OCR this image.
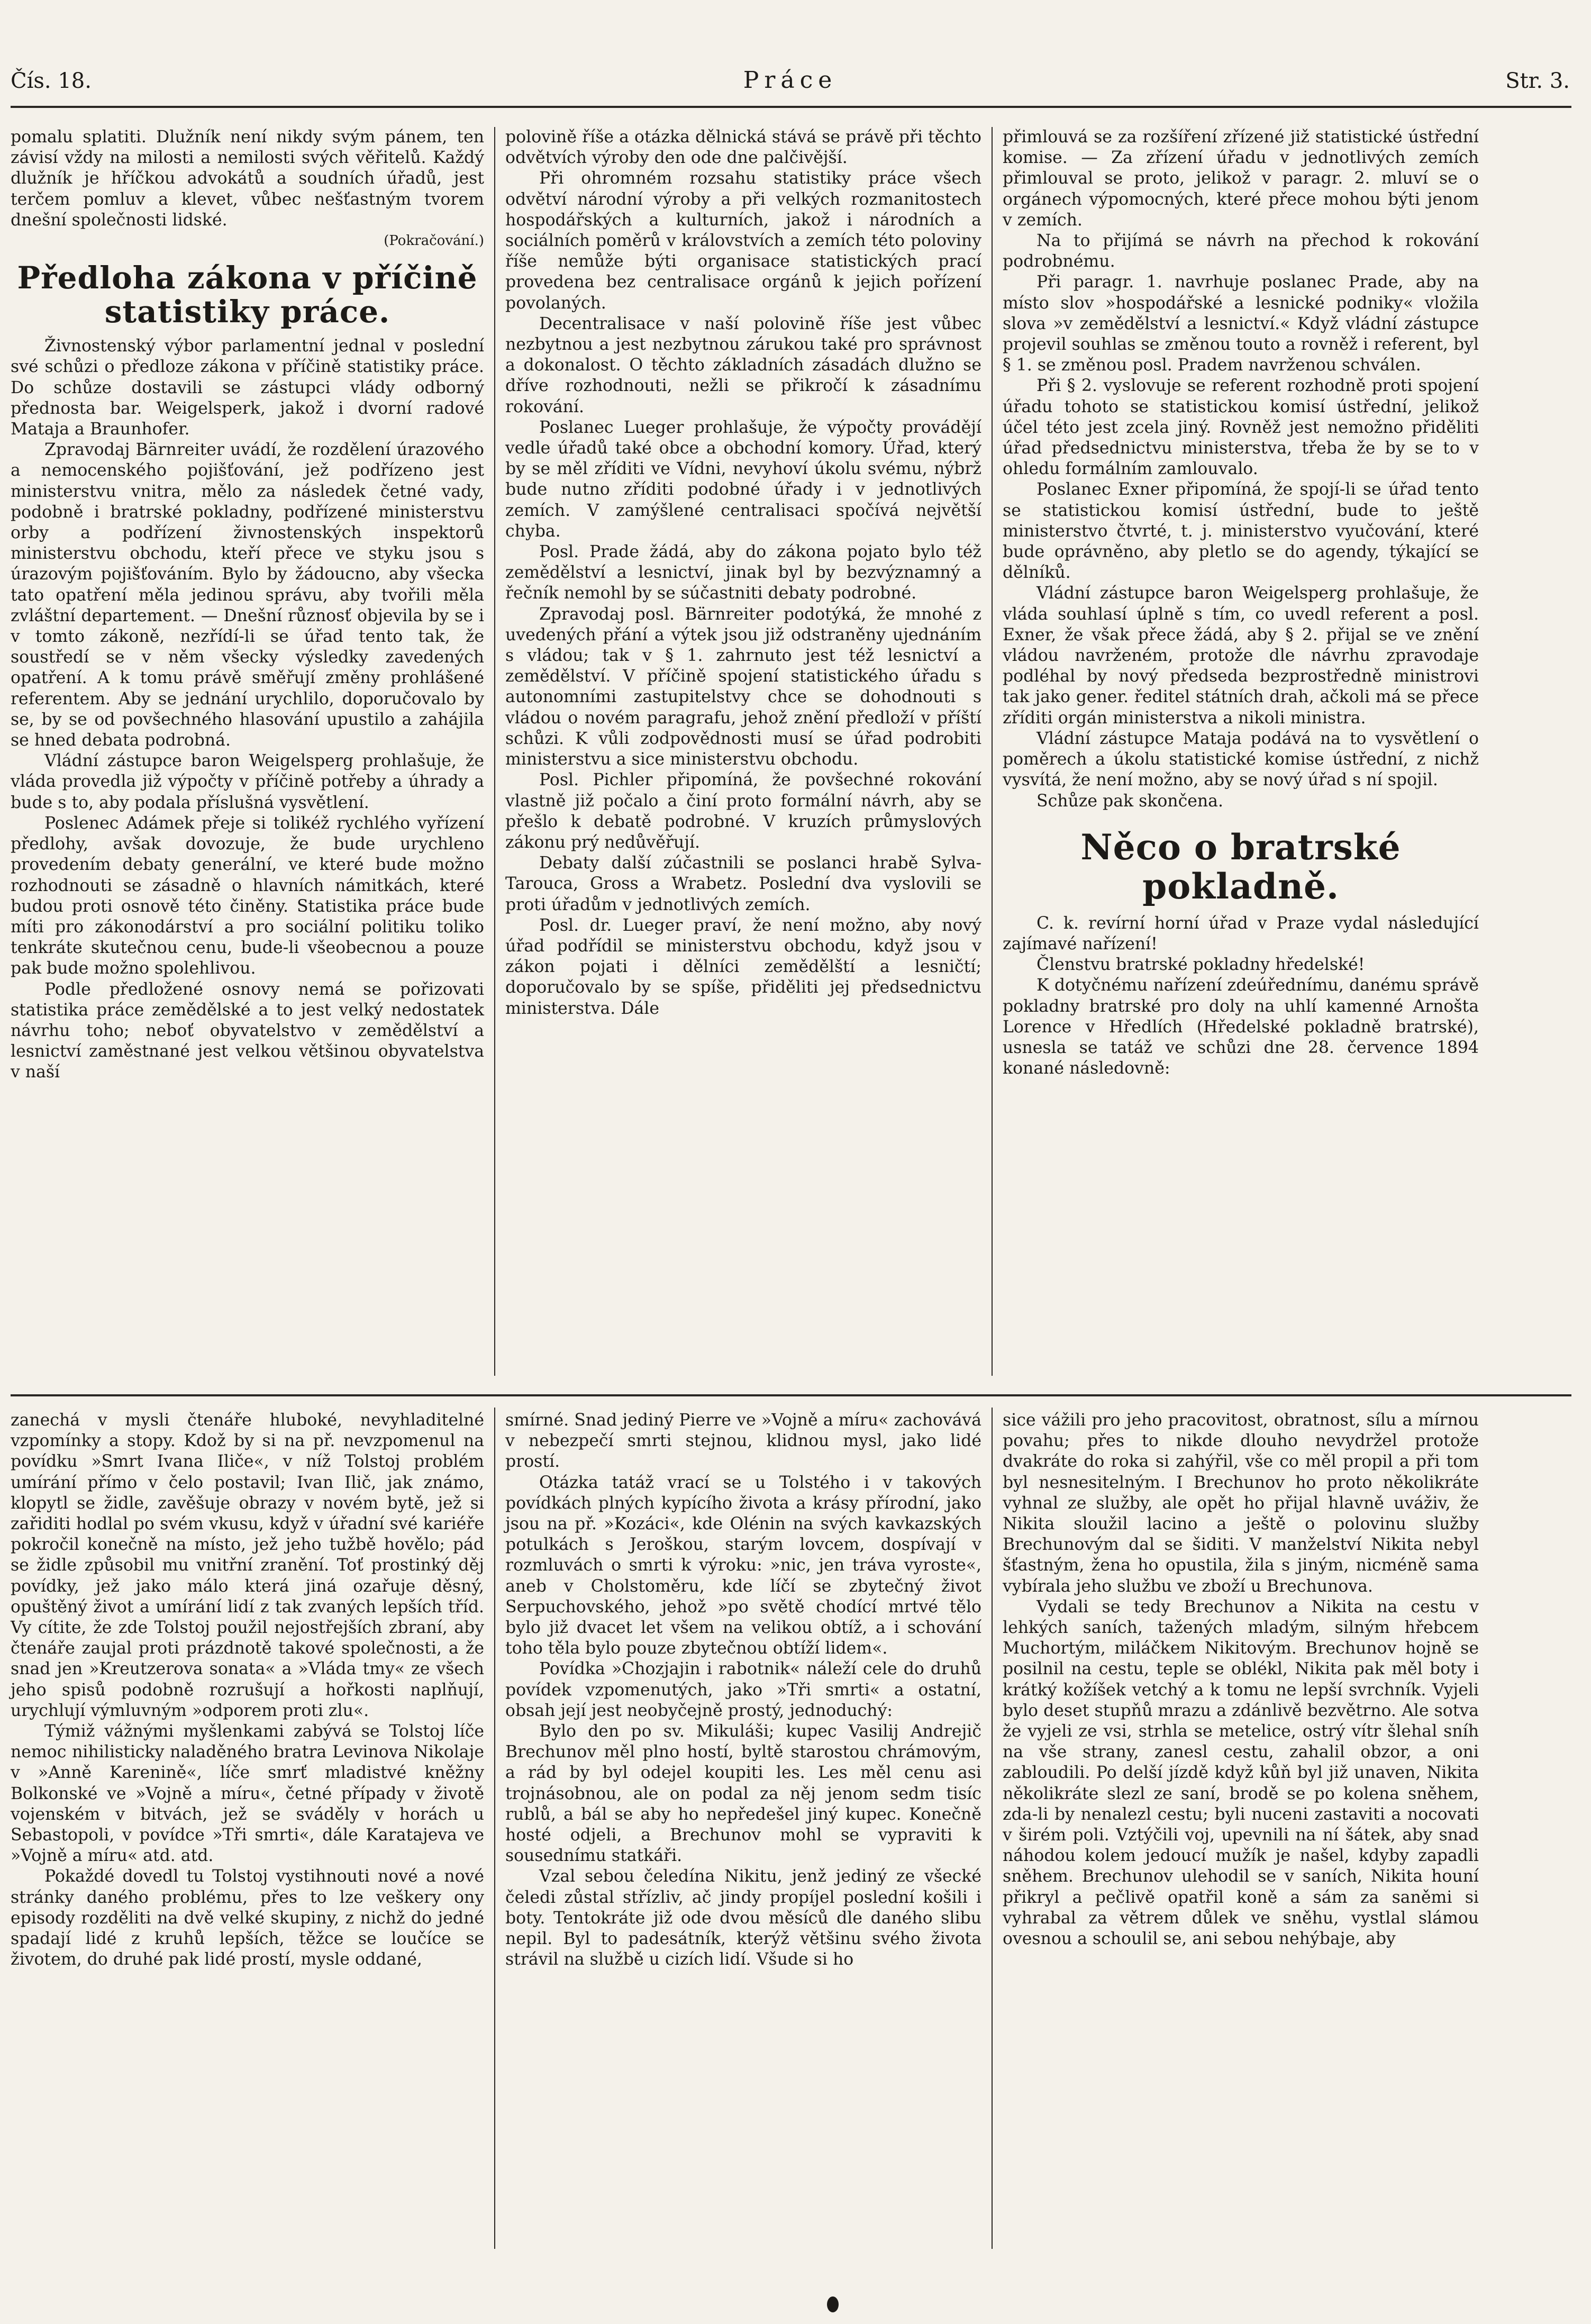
Čís. 18.	Práce	Str. 3.

pomalu splatiti. Dlužník není nikdy svým pánem, ten závisí vždy na milosti a nemilosti svých věřitelů. Každý dlužník je hříčkou advokátů a soudních úřadů, jest terčem pomluv a klevet, vůbec nešťastným tvorem dnešní společnosti lidské.

(Pokračování.)

Předloha zákona v příčině statistiky práce.

Živnostenský výbor parlamentní jednal v poslední své schůzi o předloze zákona v příčině statistiky práce. Do schůze dostavili se zástupci vlády odborný přednosta bar. Weigelsperk, jakož i dvorní radové Mataja a Braunhofer.

Zpravodaj Bärnreiter uvádí, že rozdělení úrazového a nemocenského pojišťování, jež podřízeno jest ministerstvu vnitra, mělo za následek četné vady, podobně i bratrské pokladny, podřízené ministerstvu orby a podřízení živnostenských inspektorů ministerstvu obchodu, kteří přece ve styku jsou s úrazovým pojišťováním. Bylo by žádoucno, aby všecka tato opatření měla jedinou správu, aby tvořili měla zvláštní departement. — Dnešní různosť objevila by se i v tomto zákoně, nezřídí-li se úřad tento tak, že soustředí se v něm všecky výsledky zavedených opatření. A k tomu právě směřují změny prohlášené referentem. Aby se jednání urychlilo, doporučovalo by se, by se od povšechného hlasování upustilo a zahájila se hned debata podrobná.

Vládní zástupce baron Weigelsperg prohlašuje, že vláda provedla již výpočty v příčině potřeby a úhrady a bude s to, aby podala příslušná vysvětlení.

Poslenec Adámek přeje si tolikéž rychlého vyřízení předlohy, avšak dovozuje, že bude urychleno provedením debaty generální, ve které bude možno rozhodnouti se zásadně o hlavních námitkách, které budou proti osnově této činěny. Statistika práce bude míti pro zákonodárství a pro sociální politiku toliko tenkráte skutečnou cenu, bude-li všeobecnou a pouze pak bude možno spolehlivou.

Podle předložené osnovy nemá se pořizovati statistika práce zemědělské a to jest velký nedostatek návrhu toho; neboť obyvatelstvo v zemědělství a lesnictví zaměstnané jest velkou většinou obyvatelstva v naší

polovině říše a otázka dělnická stává se právě při těchto odvětvích výroby den ode dne palčivější.

Při ohromném rozsahu statistiky práce všech odvětví národní výroby a při velkých rozmanitostech hospodářských a kulturních, jakož i národních a sociálních poměrů v královstvích a zemích této poloviny říše nemůže býti organisace statistických prací provedena bez centralisace orgánů k jejich pořízení povolaných.

Decentralisace v naší polovině říše jest vůbec nezbytnou a jest nezbytnou zárukou také pro správnost a dokonalost. O těchto základních zásadách dlužno se dříve rozhodnouti, nežli se přikročí k zásadnímu rokování.

Poslanec Lueger prohlašuje, že výpočty provádějí vedle úřadů také obce a obchodní komory. Úřad, který by se měl zříditi ve Vídni, nevyhoví úkolu svému, nýbrž bude nutno zříditi podobné úřady i v jednotlivých zemích. V zamýšlené centralisaci spočívá největší chyba.

Posl. Prade žádá, aby do zákona pojato bylo též zemědělství a lesnictví, jinak byl by bezvýznamný a řečník nemohl by se súčastniti debaty podrobné.

Zpravodaj posl. Bärnreiter podotýká, že mnohé z uvedených přání a výtek jsou již odstraněny ujednáním s vládou; tak v § 1. zahrnuto jest též lesnictví a zemědělství. V příčině spojení statistického úřadu s autonomními zastupitelstvy chce se dohodnouti s vládou o novém paragrafu, jehož znění předloží v příští schůzi. K vůli zodpovědnosti musí se úřad podrobiti ministerstvu a sice ministerstvu obchodu.

Posl. Pichler připomíná, že povšechné rokování vlastně již počalo a činí proto formální návrh, aby se přešlo k debatě podrobné. V kruzích průmyslových zákonu prý nedůvěřují.

Debaty další zúčastnili se poslanci hrabě Sylva-Tarouca, Gross a Wrabetz. Poslední dva vyslovili se proti úřadům v jednotlivých zemích.

Posl. dr. Lueger praví, že není možno, aby nový úřad podřídil se ministerstvu obchodu, když jsou v zákon pojati i dělníci zemědělští a lesničtí; doporučovalo by se spíše, přiděliti jej předsednictvu ministerstva. Dále

přimlouvá se za rozšíření zřízené již statistické ústřední komise. — Za zřízení úřadu v jednotlivých zemích přimlouval se proto, jelikož v paragr. 2. mluví se o orgánech výpomocných, které přece mohou býti jenom v zemích.

Na to přijímá se návrh na přechod k rokování podrobnému.

Při paragr. 1. navrhuje poslanec Prade, aby na místo slov »hospodářské a lesnické podniky« vložila slova »v zemědělství a lesnictví.« Když vládní zástupce projevil souhlas se změnou touto a rovněž i referent, byl § 1. se změnou posl. Pradem navrženou schválen.

Při § 2. vyslovuje se referent rozhodně proti spojení úřadu tohoto se statistickou komisí ústřední, jelikož účel této jest zcela jiný. Rovněž jest nemožno přiděliti úřad předsednictvu ministerstva, třeba že by se to v ohledu formálním zamlouvalo.

Poslanec Exner připomíná, že spojí-li se úřad tento se statistickou komisí ústřední, bude to ještě ministerstvo čtvrté, t. j. ministerstvo vyučování, které bude oprávněno, aby pletlo se do agendy, týkající se dělníků.

Vládní zástupce baron Weigelsperg prohlašuje, že vláda souhlasí úplně s tím, co uvedl referent a posl. Exner, že však přece žádá, aby § 2. přijal se ve znění vládou navrženém, protože dle návrhu zpravodaje podléhal by nový předseda bezprostředně ministrovi tak jako gener. ředitel státních drah, ačkoli má se přece zříditi orgán ministerstva a nikoli ministra.

Vládní zástupce Mataja podává na to vysvětlení o poměrech a úkolu statistické komise ústřední, z nichž vysvítá, že není možno, aby se nový úřad s ní spojil.

Schůze pak skončena.

Něco o bratrské pokladně.

C. k. revírní horní úřad v Praze vydal následující zajímavé nařízení!

Členstvu bratrské pokladny hředelské!

K dotyčnému nařízení zdeúřednímu, danému správě pokladny bratrské pro doly na uhlí kamenné Arnošta Lorence v Hředlích (Hředelské pokladně bratrské), usnesla se tatáž ve schůzi dne 28. července 1894 konané následovně:

zanechá v mysli čtenáře hluboké, nevyhladitelné vzpomínky a stopy. Kdož by si na př. nevzpomenul na povídku »Smrt Ivana Iliče«, v níž Tolstoj problém umírání přímo v čelo postavil; Ivan Ilič, jak známo, klopytl se židle, zavěšuje obrazy v novém bytě, jež si zařiditi hodlal po svém vkusu, když v úřadní své kariéře pokročil konečně na místo, jež jeho tužbě hovělo; pád se židle způsobil mu vnitřní zranění. Toť prostinký děj povídky, jež jako málo která jiná ozařuje děsný, opuštěný život a umírání lidí z tak zvaných lepších tříd. Vy cítite, že zde Tolstoj použil nejostřejších zbraní, aby čtenáře zaujal proti prázdnotě takové společnosti, a že snad jen »Kreutzerova sonata« a »Vláda tmy« ze všech jeho spisů podobně rozrušují a hořkosti naplňují, urychlují výmluvným »odporem proti zlu«.

Týmiž vážnými myšlenkami zabývá se Tolstoj líče nemoc nihilisticky naladěného bratra Levinova Nikolaje v »Anně Karenině«, líče smrť mladistvé kněžny Bolkonské ve »Vojně a míru«, četné případy v životě vojenském v bitvách, jež se sváděly v horách u Sebastopoli, v povídce »Tři smrti«, dále Karatajeva ve »Vojně a míru« atd. atd.

Pokaždé dovedl tu Tolstoj vystihnouti nové a nové stránky daného problému, přes to lze veškery ony episody rozděliti na dvě velké skupiny, z nichž do jedné spadají lidé z kruhů lepších, těžce se loučíce se životem, do druhé pak lidé prostí, mysle oddané,

smírné. Snad jediný Pierre ve »Vojně a míru« zachovává v nebezpečí smrti stejnou, klidnou mysl, jako lidé prostí.

Otázka tatáž vrací se u Tolstého i v takových povídkách plných kypícího života a krásy přírodní, jako jsou na př. »Kozáci«, kde Olénin na svých kavkazských potulkách s Jeroškou, starým lovcem, dospívají v rozmluvách o smrti k výroku: »nic, jen tráva vyroste«, aneb v Cholstoměru, kde líčí se zbytečný život Serpuchovského, jehož »po světě chodící mrtvé tělo bylo již dvacet let všem na velikou obtíž, a i schování toho těla bylo pouze zbytečnou obtíží lidem«.

Povídka »Chozjajin i rabotnik« náleží cele do druhů povídek vzpomenutých, jako »Tři smrti« a ostatní, obsah její jest neobyčejně prostý, jednoduchý:

Bylo den po sv. Mikuláši; kupec Vasilij Andrejič Brechunov měl plno hostí, byltě starostou chrámovým, a rád by byl odejel koupiti les. Les měl cenu asi trojnásobnou, ale on podal za něj jenom sedm tisíc rublů, a bál se aby ho nepředešel jiný kupec. Konečně hosté odjeli, a Brechunov mohl se vypraviti k sousednímu statkáři.

Vzal sebou čeledína Nikitu, jenž jediný ze všecké čeledi zůstal střízliv, ač jindy propíjel poslední košili i boty. Tentokráte již ode dvou měsíců dle daného slibu nepil. Byl to padesátník, kterýž většinu svého života strávil na službě u cizích lidí. Všude si ho

sice vážili pro jeho pracovitost, obratnost, sílu a mírnou povahu; přes to nikde dlouho nevydržel protože dvakráte do roka si zahýřil, vše co měl propil a při tom byl nesnesitelným. I Brechunov ho proto několikráte vyhnal ze služby, ale opět ho přijal hlavně uváživ, že Nikita sloužil lacino a ještě o polovinu služby Brechunovým dal se šiditi. V manželství Nikita nebyl šťastným, žena ho opustila, žila s jiným, nicméně sama vybírala jeho službu ve zboží u Brechunova.

Vydali se tedy Brechunov a Nikita na cestu v lehkých saních, tažených mladým, silným hřebcem Muchortým, miláčkem Nikitovým. Brechunov hojně se posilnil na cestu, teple se oblékl, Nikita pak měl boty i krátký kožíšek vetchý a k tomu ne lepší svrchník. Vyjeli bylo deset stupňů mrazu a zdánlivě bezvětrno. Ale sotva že vyjeli ze vsi, strhla se metelice, ostrý vítr šlehal sníh na vše strany, zanesl cestu, zahalil obzor, a oni zabloudili. Po delší jízdě když kůň byl již unaven, Nikita několikráte slezl ze saní, brodě se po kolena sněhem, zda-li by nenalezl cestu; byli nuceni zastaviti a nocovati v širém poli. Vztýčili voj, upevnili na ní šátek, aby snad náhodou kolem jedoucí mužík je našel, kdyby zapadli sněhem. Brechunov ulehodil se v saních, Nikita houní přikryl a pečlivě opatřil koně a sám za saněmi si vyhrabal za větrem důlek ve sněhu, vystlal slámou ovesnou a schoulil se, ani sebou nehýbaje, aby
